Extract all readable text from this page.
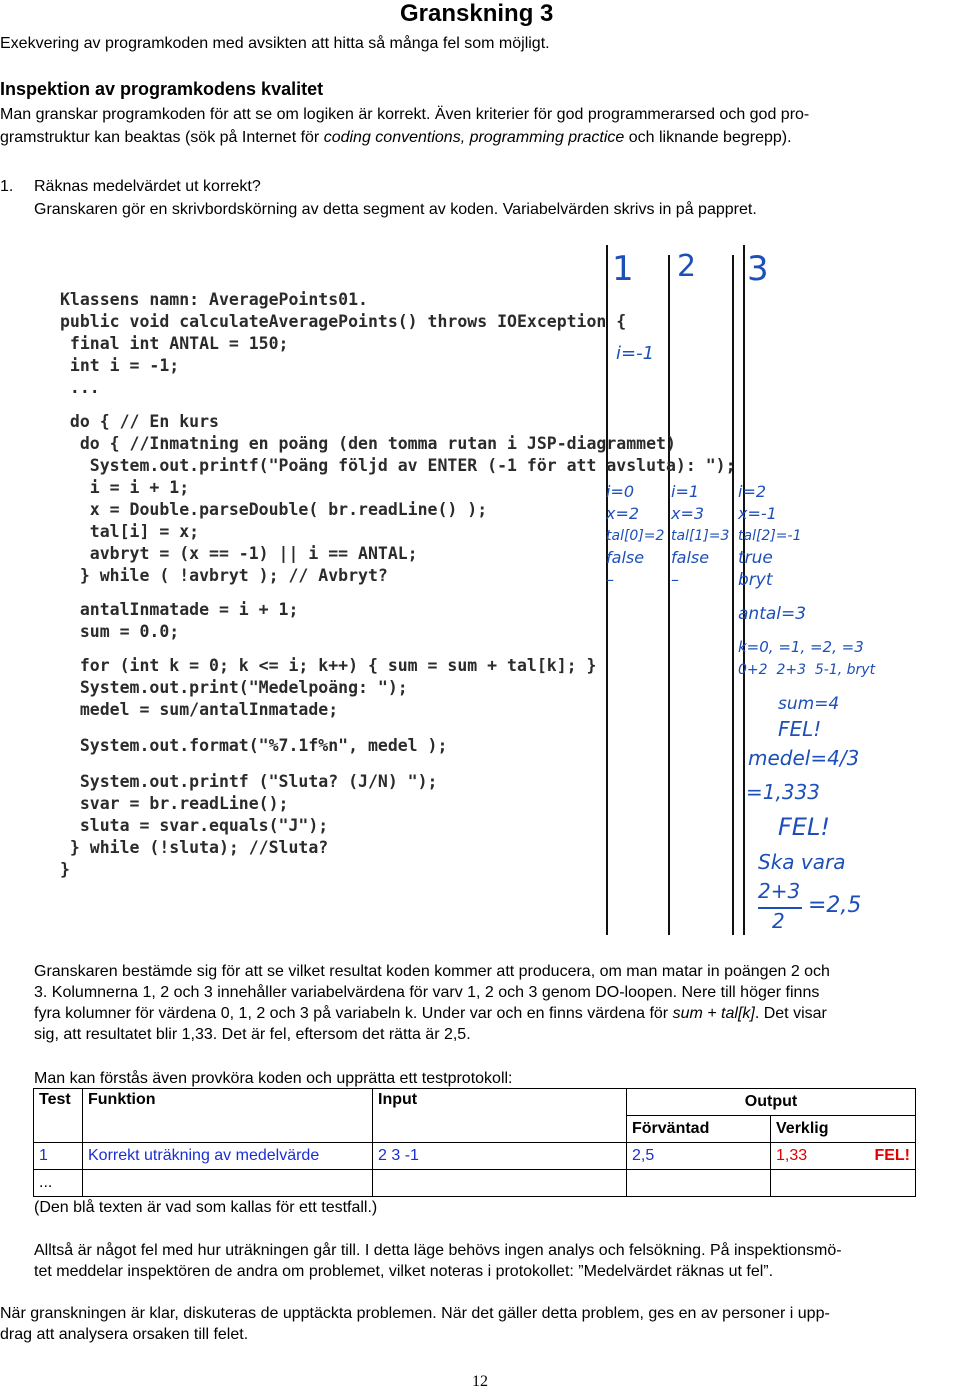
Granskning 3
Exekvering av programkoden med avsikten att hitta så många fel som möjligt.
Inspektion av programkodens kvalitet
Man granskar programkoden för att se om logiken är korrekt. Även kriterier för god programmerarsed och god pro-
gramstruktur kan beaktas (sök på Internet för coding conventions, programming practice och liknande begrepp).
1. Räknas medelvärdet ut korrekt?
Granskaren gör en skrivbordskörning av detta segment av koden. Variabelvärden skrivs in på pappret.
1 2 3
Klassens namn: AveragePoints01.
public void calculateAveragePoints() throws IOException {
final int ANTAL = 150;
int i = -1;
...
do { // En kurs
do { //Inmatning en poäng (den tomma rutan i JSP-diagrammet)
System.out.printf("Poäng följd av ENTER (-1 för att avsluta): ");
i = i + 1;
x = Double.parseDouble( br.readLine() );
tal[i] = x;
avbryt = (x == -1) || i == ANTAL;
} while ( !avbryt ); // Avbryt?
antalInmatade = i + 1;
sum = 0.0;
for (int k = 0; k <= i; k++) { sum = sum + tal[k]; }
System.out.print("Medelpoäng: ");
medel = sum/antalInmatade;
System.out.format("%7.1f%n", medel );
System.out.printf ("Sluta? (J/N) ");
svar = br.readLine();
sluta = svar.equals("J");
} while (!sluta); //Sluta?
}
i=-1
i=0
x=2
tal[0]=2
false
–
i=1
x=3
tal[1]=3
false
–
i=2
x=-1
tal[2]=-1
true
bryt
antal=3
k=0, =1, =2, =3
0+2  2+3  5-1, bryt
sum=4
FEL!
medel=4/3
=1,333
FEL!
Ska vara
2+3
2
=2,5
Granskaren bestämde sig för att se vilket resultat koden kommer att producera, om man matar in poängen 2 och
3. Kolumnerna 1, 2 och 3 innehåller variabelvärdena för varv 1, 2 och 3 genom DO-loopen. Nere till höger finns
fyra kolumner för värdena 0, 1, 2 och 3 på variabeln k. Under var och en finns värdena för sum + tal[k]. Det visar
sig, att resultatet blir 1,33. Det är fel, eftersom det rätta är 2,5.
Man kan förstås även provköra koden och upprätta ett testprotokoll:
Test	Funktion	Input	Output	
			Förväntad	Verklig
1	Korrekt uträkning av medelvärde	2 3 -1	2,5	1,33 FEL!

...				
(Den blå texten är vad som kallas för ett testfall.)
Alltså är något fel med hur uträkningen går till. I detta läge behövs ingen analys och felsökning. På inspektionsmö-
tet meddelar inspektören de andra om problemet, vilket noteras i protokollet: ”Medelvärdet räknas ut fel”.
När granskningen är klar, diskuteras de upptäckta problemen. När det gäller detta problem, ges en av personer i upp-
drag att analysera orsaken till felet.
12
